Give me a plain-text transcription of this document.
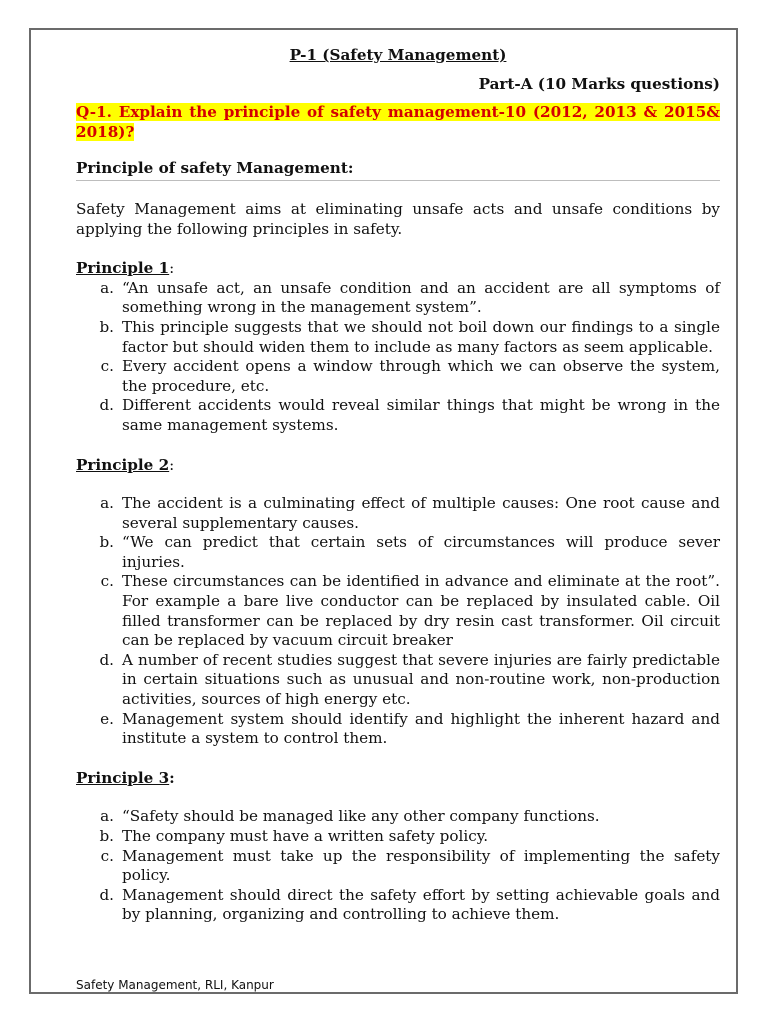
P-1 (Safety Management)

Part-A (10 Marks questions)

Q-1. Explain the principle of safety management-10 (2012, 2013 & 2015& 2018)?

Principle of safety Management:

Safety Management aims at eliminating unsafe acts and unsafe conditions by applying the following principles in safety.

Principle 1:

a. “An unsafe act, an unsafe condition and an accident are all symptoms of something wrong in the management system”.
b. This principle suggests that we should not boil down our findings to a single factor but should widen them to include as many factors as seem applicable.
c. Every accident opens a window through which we can observe the system, the procedure, etc.
d. Different accidents would reveal similar things that might be wrong in the same management systems.

Principle 2:

a. The accident is a culminating effect of multiple causes: One root cause and several supplementary causes.
b. “We can predict that certain sets of circumstances will produce sever injuries.
c. These circumstances can be identified in advance and eliminate at the root”. For example a bare live conductor can be replaced by insulated cable. Oil filled transformer can be replaced by dry resin cast transformer. Oil circuit can be replaced by vacuum circuit breaker
d. A number of recent studies suggest that severe injuries are fairly predictable in certain situations such as unusual and non-routine work, non-production activities, sources of high energy etc.
e. Management system should identify and highlight the inherent hazard and institute a system to control them.

Principle 3:

a. “Safety should be managed like any other company functions.
b. The company must have a written safety policy.
c. Management must take up the responsibility of implementing the safety policy.
d. Management should direct the safety effort by setting achievable goals and by planning, organizing and controlling to achieve them.
Safety Management, RLI, Kanpur
